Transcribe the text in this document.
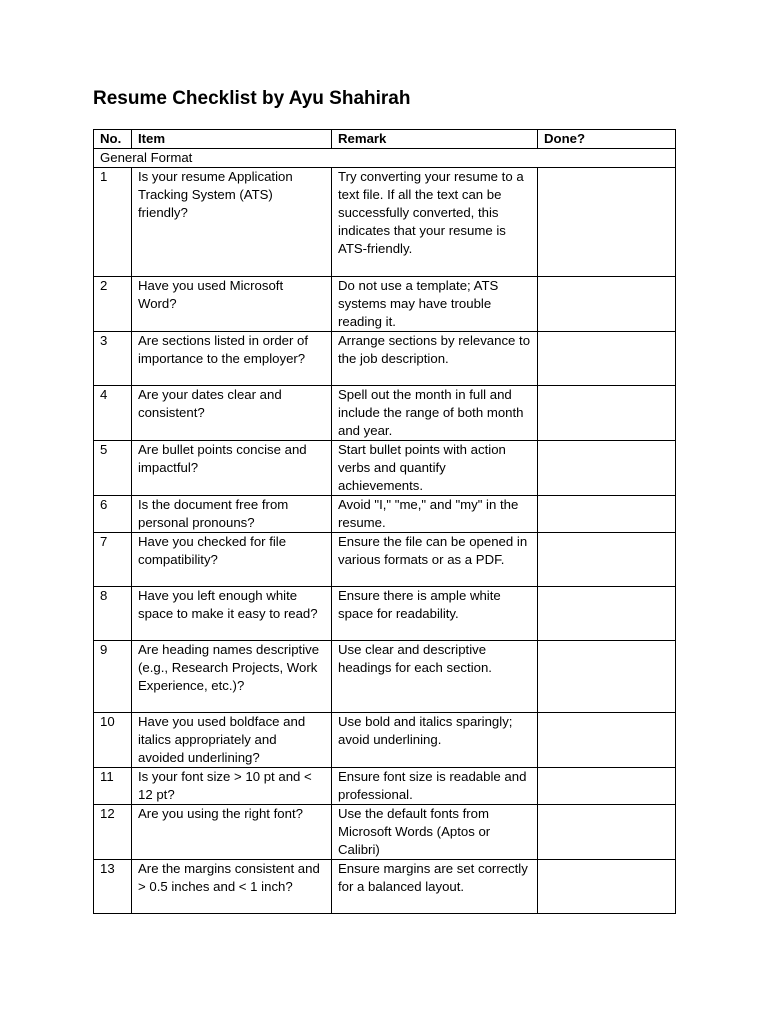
Resume Checklist by Ayu Shahirah
No.	Item	Remark	Done?
General Format			
1	Is your resume Application Tracking System (ATS) friendly?	Try converting your resume to a text file. If all the text can be successfully converted, this indicates that your resume is ATS-friendly.	
2	Have you used Microsoft Word?	Do not use a template; ATS systems may have trouble reading it.	
3	Are sections listed in order of importance to the employer?	Arrange sections by relevance to the job description.	
4	Are your dates clear and consistent?	Spell out the month in full and include the range of both month and year.	
5	Are bullet points concise and impactful?	Start bullet points with action verbs and quantify achievements.	
6	Is the document free from personal pronouns?	Avoid "I," "me," and "my" in the resume.	
7	Have you checked for file compatibility?	Ensure the file can be opened in various formats or as a PDF.	
8	Have you left enough white space to make it easy to read?	Ensure there is ample white space for readability.	
9	Are heading names descriptive (e.g., Research Projects, Work Experience, etc.)?	Use clear and descriptive headings for each section.	
10	Have you used boldface and italics appropriately and avoided underlining?	Use bold and italics sparingly; avoid underlining.	
11	Is your font size > 10 pt and < 12 pt?	Ensure font size is readable and professional.	
12	Are you using the right font?	Use the default fonts from Microsoft Words (Aptos or Calibri)	
13	Are the margins consistent and > 0.5 inches and < 1 inch?	Ensure margins are set correctly for a balanced layout.	
